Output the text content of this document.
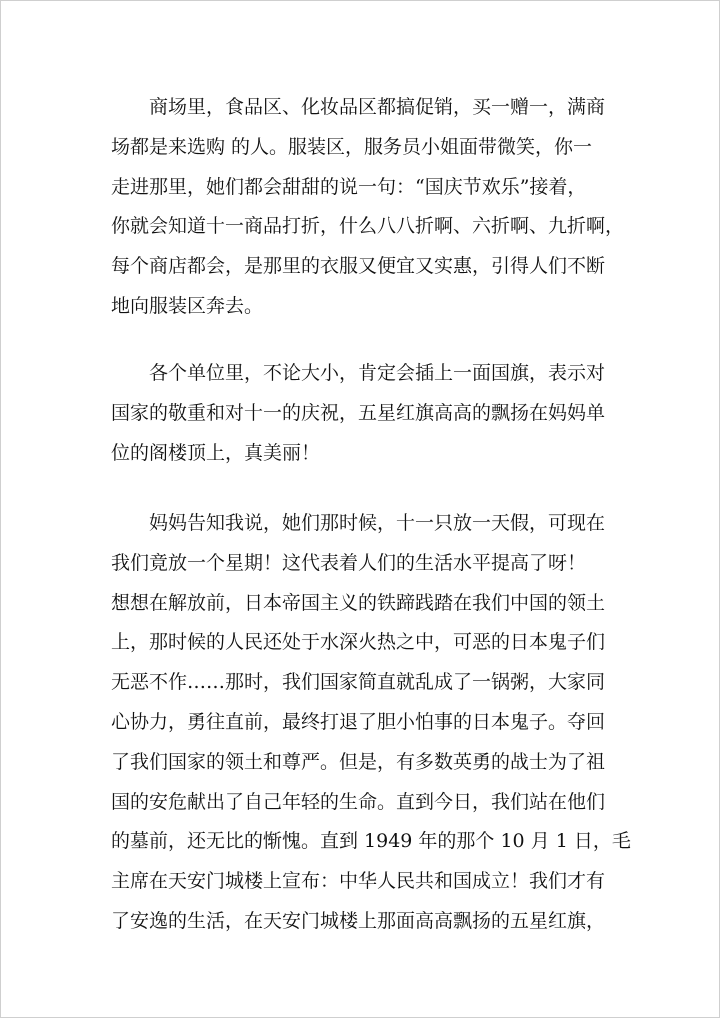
　　商场里，食品区、化妆品区都搞促销，买一赠一，满商
场都是来选购 的人。服装区，服务员小姐面带微笑，你一
走进那里，她们都会甜甜的说一句：“国庆节欢乐”接着，
你就会知道十一商品打折，什么八八折啊、六折啊、九折啊，
每个商店都会，是那里的衣服又便宜又实惠，引得人们不断
地向服装区奔去。
　　各个单位里，不论大小，肯定会插上一面国旗，表示对
国家的敬重和对十一的庆祝，五星红旗高高的飘扬在妈妈单
位的阁楼顶上，真美丽！
　　妈妈告知我说，她们那时候，十一只放一天假，可现在
我们竟放一个星期！这代表着人们的生活水平提高了呀！
想想在解放前，日本帝国主义的铁蹄践踏在我们中国的领土
上，那时候的人民还处于水深火热之中，可恶的日本鬼子们
无恶不作……那时，我们国家简直就乱成了一锅粥，大家同
心协力，勇往直前，最终打退了胆小怕事的日本鬼子。夺回
了我们国家的领土和尊严。但是，有多数英勇的战士为了祖
国的安危献出了自己年轻的生命。直到今日，我们站在他们
的墓前，还无比的惭愧。直到 1949 年的那个 10 月 1 日，毛
主席在天安门城楼上宣布：中华人民共和国成立！我们才有
了安逸的生活，在天安门城楼上那面高高飘扬的五星红旗，
